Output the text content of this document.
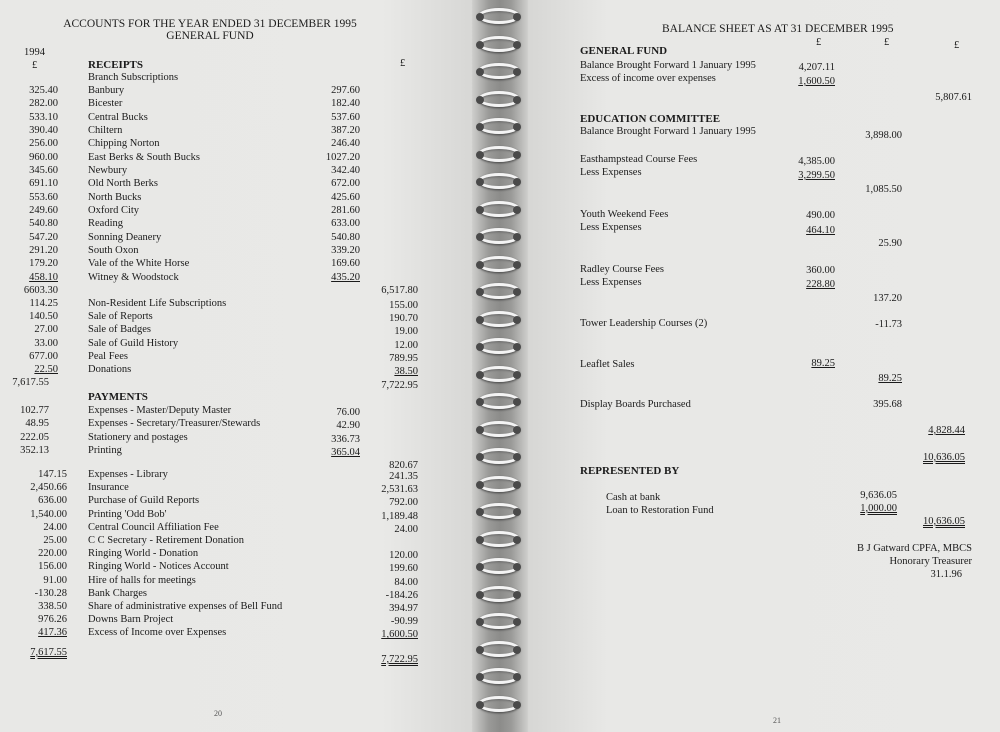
ACCOUNTS FOR THE YEAR ENDED 31 DECEMBER 1995
GENERAL FUND
1994
£	£
RECEIPTS
Branch Subscriptions
325.40	Banbury	297.60
282.00	Bicester	182.40
533.10	Central Bucks	537.60
390.40	Chiltern	387.20
256.00	Chipping Norton	246.40
960.00	East Berks & South Bucks	1027.20
345.60	Newbury	342.40
691.10	Old North Berks	672.00
553.60	North Bucks	425.60
249.60	Oxford City	281.60
540.80	Reading	633.00
547.20	Sonning Deanery	540.80
291.20	South Oxon	339.20
179.20	Vale of the White Horse	169.60
458.10	Witney & Woodstock	435.20
6603.30	6,517.80
114.25	Non-Resident Life Subscriptions	155.00
140.50	Sale of Reports	190.70
27.00	Sale of Badges	19.00
33.00	Sale of Guild History	12.00
677.00	Peal Fees	789.95
22.50	Donations	38.50
7,617.55	7,722.95
PAYMENTS
102.77	Expenses - Master/Deputy Master	76.00
48.95	Expenses - Secretary/Treasurer/Stewards	42.90
222.05	Stationery and postages	336.73
352.13	Printing	365.04
820.67
147.15 Expenses - Library	241.35
2,450.66 Insurance	2,531.63
636.00 Purchase of Guild Reports	792.00
1,540.00 Printing 'Odd Bob'	1,189.48
24.00 Central Council Affiliation Fee	24.00
25.00 C C Secretary - Retirement Donation
220.00 Ringing World - Donation	120.00
156.00 Ringing World - Notices Account	199.60
91.00 Hire of halls for meetings	84.00
-130.28 Bank Charges	-184.26
338.50 Share of administrative expenses of Bell Fund	394.97
976.26 Downs Barn Project	-90.99
417.36 Excess of Income over Expenses	1,600.50
7,617.55
7,722.95
20
BALANCE SHEET AS AT 31 DECEMBER 1995
£	£	£
GENERAL FUND
Balance Brought Forward 1 January 1995	4,207.11
Excess of income over expenses	1,600.50
5,807.61
EDUCATION COMMITTEE
Balance Brought Forward 1 January 1995	3,898.00
Easthampstead Course Fees	4,385.00
Less Expenses	3,299.50
1,085.50
Youth Weekend Fees	490.00
Less Expenses	464.10
25.90
Radley Course Fees	360.00
Less Expenses	228.80
137.20
Tower Leadership Courses (2)	-11.73
Leaflet Sales	89.25
89.25
Display Boards Purchased	395.68
4,828.44
10,636.05
REPRESENTED BY
Cash at bank	9,636.05
Loan to Restoration Fund	1,000.00
10,636.05
B J Gatward CPFA, MBCS
Honorary Treasurer
31.1.96
21
